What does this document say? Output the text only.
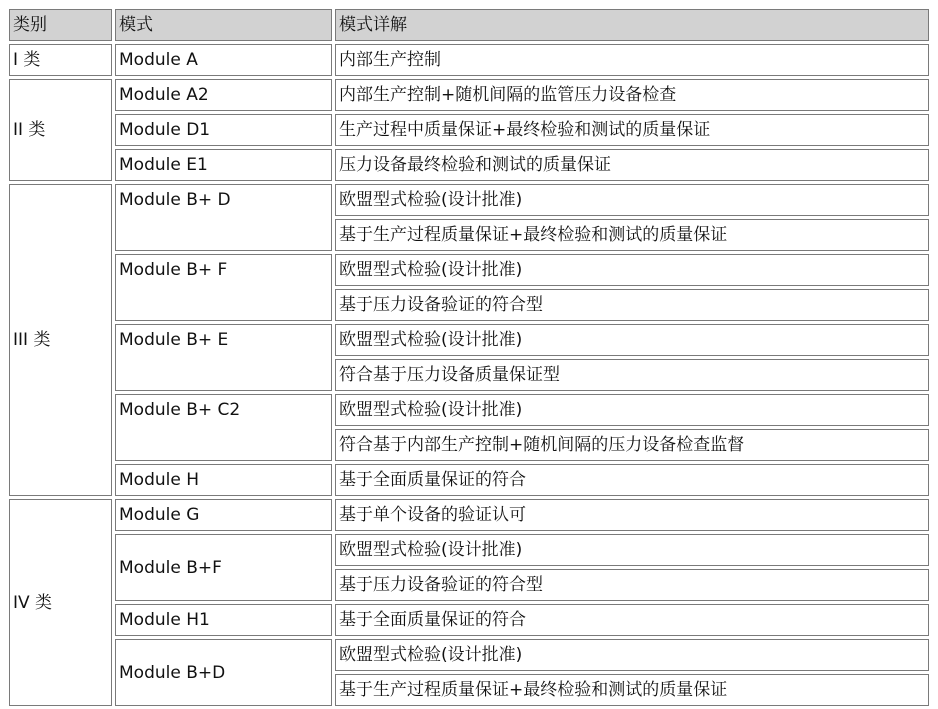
类别	模式	模式详解
I 类	Module A	内部生产控制
II 类	Module A2	内部生产控制+随机间隔的监管压力设备检查
	Module D1	生产过程中质量保证+最终检验和测试的质量保证
	Module E1	压力设备最终检验和测试的质量保证
III 类	Module B+ D	欧盟型式检验(设计批准)
		基于生产过程质量保证+最终检验和测试的质量保证
	Module B+ F	欧盟型式检验(设计批准)
		基于压力设备验证的符合型
	Module B+ E	欧盟型式检验(设计批准)
		符合基于压力设备质量保证型
	Module B+ C2	欧盟型式检验(设计批准)
		符合基于内部生产控制+随机间隔的压力设备检查监督
	Module H	基于全面质量保证的符合
IV 类	Module G	基于单个设备的验证认可
	Module B+F	欧盟型式检验(设计批准)
		基于压力设备验证的符合型
	Module H1	基于全面质量保证的符合
	Module B+D	欧盟型式检验(设计批准)
		基于生产过程质量保证+最终检验和测试的质量保证
